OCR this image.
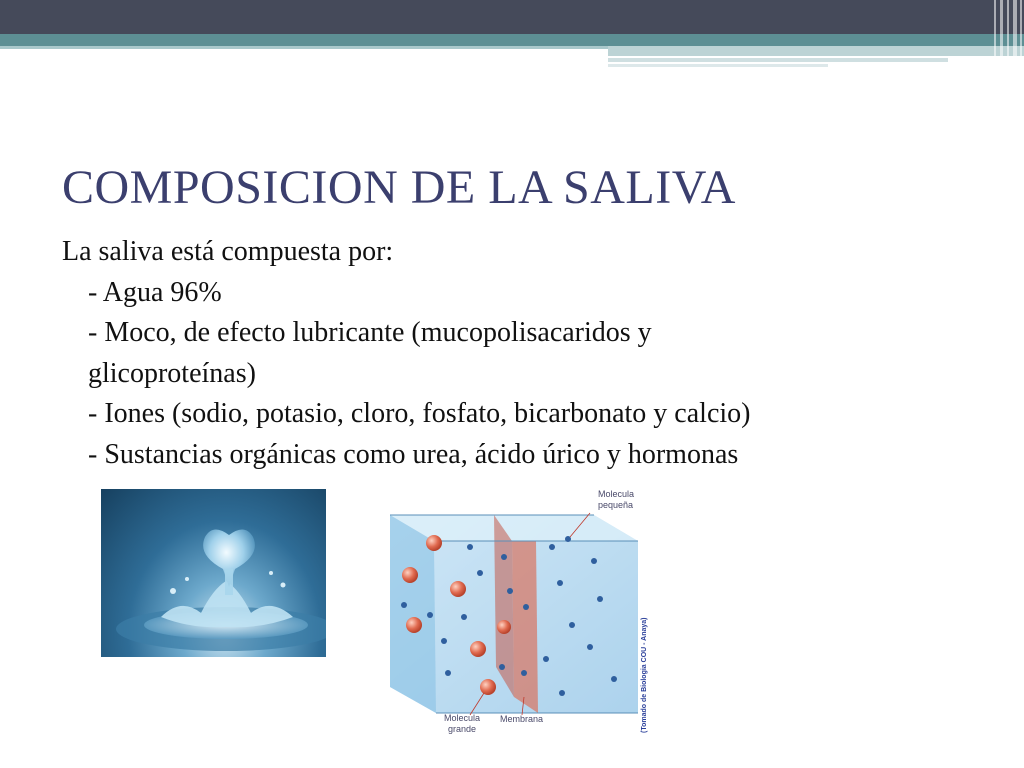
COMPOSICION DE LA SALIVA
La saliva está compuesta por:
- Agua 96%
- Moco, de efecto lubricante (mucopolisacaridos y
glicoproteínas)
- Iones (sodio, potasio, cloro, fosfato, bicarbonato y calcio)
- Sustancias orgánicas como urea, ácido úrico y hormonas
Molecula
pequeña
Molecula
grande
Membrana	(Tomado de Biologia COU - Anaya)
